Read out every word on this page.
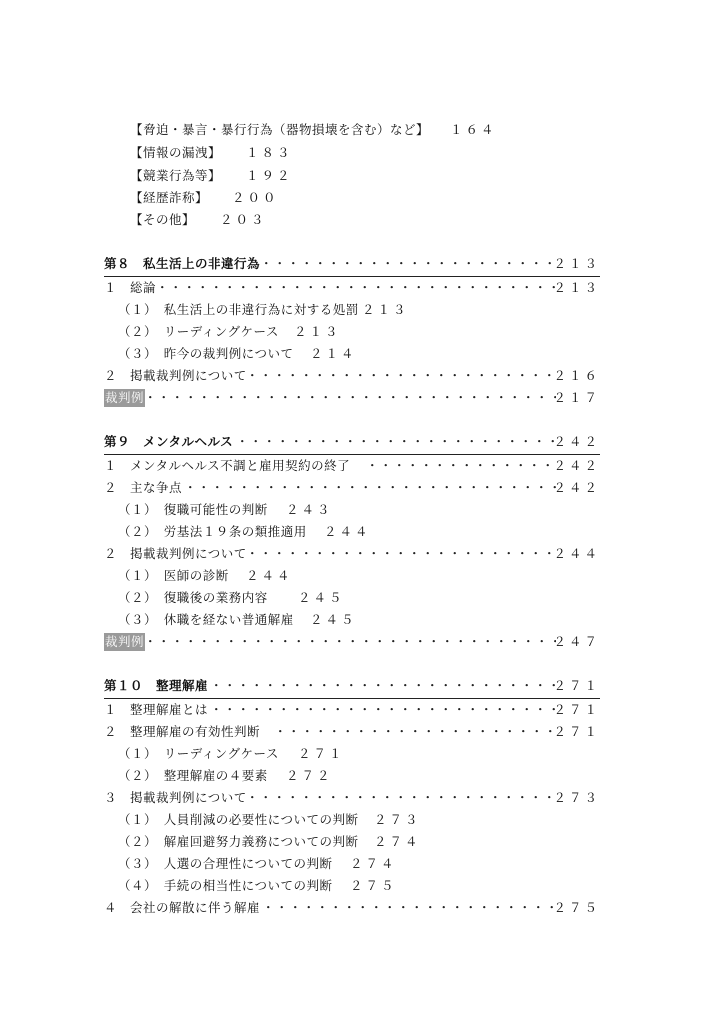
【脅迫・暴言・暴行行為（器物損壊を含む）など】 １６４
【情報の漏洩】 １８３
【競業行為等】 １９２
【経歴詐称】 ２００
【その他】 ２０３
第８　私生活上の非違行為 ・・・・・・・・・・・・・・・・・・・・・・・・・・・・・・・・・・・・・・・・・・・・・・・・・・・	２１３
１　総論 ・・・・・・・・・・・・・・・・・・・・・・・・・・・・・・・・・・・・・・・・・・・・・・・・・・・	２１３
（１）　私生活上の非違行為に対する処罰 ２１３
（２）　リーディングケース ２１３
（３）　昨今の裁判例について ２１４
２　掲載裁判例について ・・・・・・・・・・・・・・・・・・・・・・・・・・・・・・・・・・・・・・・・・・・・・・・・・・・	２１６
裁判例 ・・・・・・・・・・・・・・・・・・・・・・・・・・・・・・・・・・・・・・・・・・・・・・・・・・・	２１７
第９　メンタルヘルス ・・・・・・・・・・・・・・・・・・・・・・・・・・・・・・・・・・・・・・・・・・・・・・・・・・・	２４２
１　メンタルヘルス不調と雇用契約の終了 ・・・・・・・・・・・・・・・・・・・・・・・・・・・・・・・・・・・・・・・・・・・・・・・・・・・	２４２
２　主な争点 ・・・・・・・・・・・・・・・・・・・・・・・・・・・・・・・・・・・・・・・・・・・・・・・・・・・	２４２
（１）　復職可能性の判断 ２４３
（２）　労基法１９条の類推適用 ２４４
２　掲載裁判例について ・・・・・・・・・・・・・・・・・・・・・・・・・・・・・・・・・・・・・・・・・・・・・・・・・・・	２４４
（１）　医師の診断 ２４４
（２）　復職後の業務内容 ２４５
（３）　休職を経ない普通解雇 ２４５
裁判例 ・・・・・・・・・・・・・・・・・・・・・・・・・・・・・・・・・・・・・・・・・・・・・・・・・・・	２４７
第１０　整理解雇 ・・・・・・・・・・・・・・・・・・・・・・・・・・・・・・・・・・・・・・・・・・・・・・・・・・・	２７１
１　整理解雇とは ・・・・・・・・・・・・・・・・・・・・・・・・・・・・・・・・・・・・・・・・・・・・・・・・・・・	２７１
２　整理解雇の有効性判断 ・・・・・・・・・・・・・・・・・・・・・・・・・・・・・・・・・・・・・・・・・・・・・・・・・・・	２７１
（１）　リーディングケース ２７１
（２）　整理解雇の４要素 ２７２
３　掲載裁判例について ・・・・・・・・・・・・・・・・・・・・・・・・・・・・・・・・・・・・・・・・・・・・・・・・・・・	２７３
（１）　人員削減の必要性についての判断 ２７３
（２）　解雇回避努力義務についての判断 ２７４
（３）　人選の合理性についての判断 ２７４
（４）　手続の相当性についての判断 ２７５
４　会社の解散に伴う解雇 ・・・・・・・・・・・・・・・・・・・・・・・・・・・・・・・・・・・・・・・・・・・・・・・・・・・	２７５
